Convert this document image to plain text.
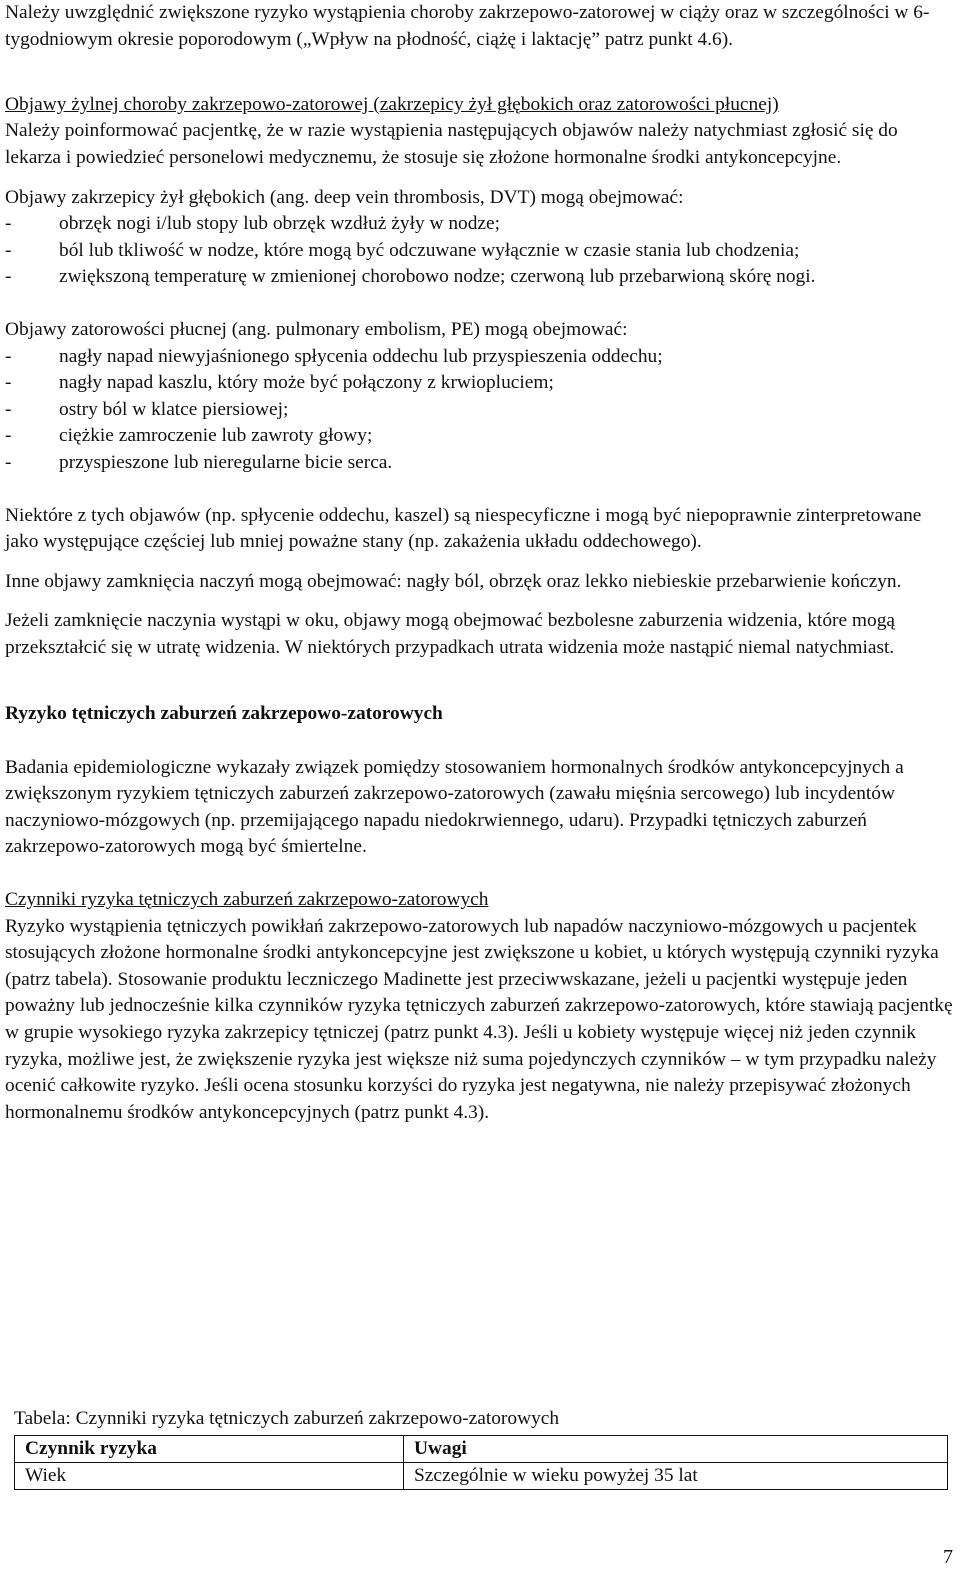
Należy uwzględnić zwiększone ryzyko wystąpienia choroby zakrzepowo-zatorowej w ciąży oraz w szczególności w 6-tygodniowym okresie poporodowym („Wpływ na płodność, ciążę i laktację” patrz punkt 4.6).

Objawy żylnej choroby zakrzepowo-zatorowej (zakrzepicy żył głębokich oraz zatorowości płucnej)

Należy poinformować pacjentkę, że w razie wystąpienia następujących objawów należy natychmiast zgłosić się do lekarza i powiedzieć personelowi medycznemu, że stosuje się złożone hormonalne środki antykoncepcyjne.

Objawy zakrzepicy żył głębokich (ang. deep vein thrombosis, DVT) mogą obejmować:

- obrzęk nogi i/lub stopy lub obrzęk wzdłuż żyły w nodze;
- ból lub tkliwość w nodze, które mogą być odczuwane wyłącznie w czasie stania lub chodzenia;
- zwiększoną temperaturę w zmienionej chorobowo nodze; czerwoną lub przebarwioną skórę nogi.

Objawy zatorowości płucnej (ang. pulmonary embolism, PE) mogą obejmować:

- nagły napad niewyjaśnionego spłycenia oddechu lub przyspieszenia oddechu;
- nagły napad kaszlu, który może być połączony z krwiopluciem;
- ostry ból w klatce piersiowej;
- ciężkie zamroczenie lub zawroty głowy;
- przyspieszone lub nieregularne bicie serca.

Niektóre z tych objawów (np. spłycenie oddechu, kaszel) są niespecyficzne i mogą być niepoprawnie zinterpretowane jako występujące częściej lub mniej poważne stany (np. zakażenia układu oddechowego).

Inne objawy zamknięcia naczyń mogą obejmować: nagły ból, obrzęk oraz lekko niebieskie przebarwienie kończyn.

Jeżeli zamknięcie naczynia wystąpi w oku, objawy mogą obejmować bezbolesne zaburzenia widzenia, które mogą przekształcić się w utratę widzenia. W niektórych przypadkach utrata widzenia może nastąpić niemal natychmiast.

Ryzyko tętniczych zaburzeń zakrzepowo-zatorowych

Badania epidemiologiczne wykazały związek pomiędzy stosowaniem hormonalnych środków antykoncepcyjnych a zwiększonym ryzykiem tętniczych zaburzeń zakrzepowo-zatorowych (zawału mięśnia sercowego) lub incydentów naczyniowo-mózgowych (np. przemijającego napadu niedokrwiennego, udaru). Przypadki tętniczych zaburzeń zakrzepowo-zatorowych mogą być śmiertelne.

Czynniki ryzyka tętniczych zaburzeń zakrzepowo-zatorowych

Ryzyko wystąpienia tętniczych powikłań zakrzepowo-zatorowych lub napadów naczyniowo-mózgowych u pacjentek stosujących złożone hormonalne środki antykoncepcyjne jest zwiększone u kobiet, u których występują czynniki ryzyka (patrz tabela). Stosowanie produktu leczniczego Madinette jest przeciwwskazane, jeżeli u pacjentki występuje jeden poważny lub jednocześnie kilka czynników ryzyka tętniczych zaburzeń zakrzepowo-zatorowych, które stawiają pacjentkę w grupie wysokiego ryzyka zakrzepicy tętniczej (patrz punkt 4.3). Jeśli u kobiety występuje więcej niż jeden czynnik ryzyka, możliwe jest, że zwiększenie ryzyka jest większe niż suma pojedynczych czynników – w tym przypadku należy ocenić całkowite ryzyko. Jeśli ocena stosunku korzyści do ryzyka jest negatywna, nie należy przepisywać złożonych hormonalnemu środków antykoncepcyjnych (patrz punkt 4.3).

Tabela: Czynniki ryzyka tętniczych zaburzeń zakrzepowo-zatorowych

Czynnik ryzyka	Uwagi
Wiek	Szczególnie w wieku powyżej 35 lat
7
